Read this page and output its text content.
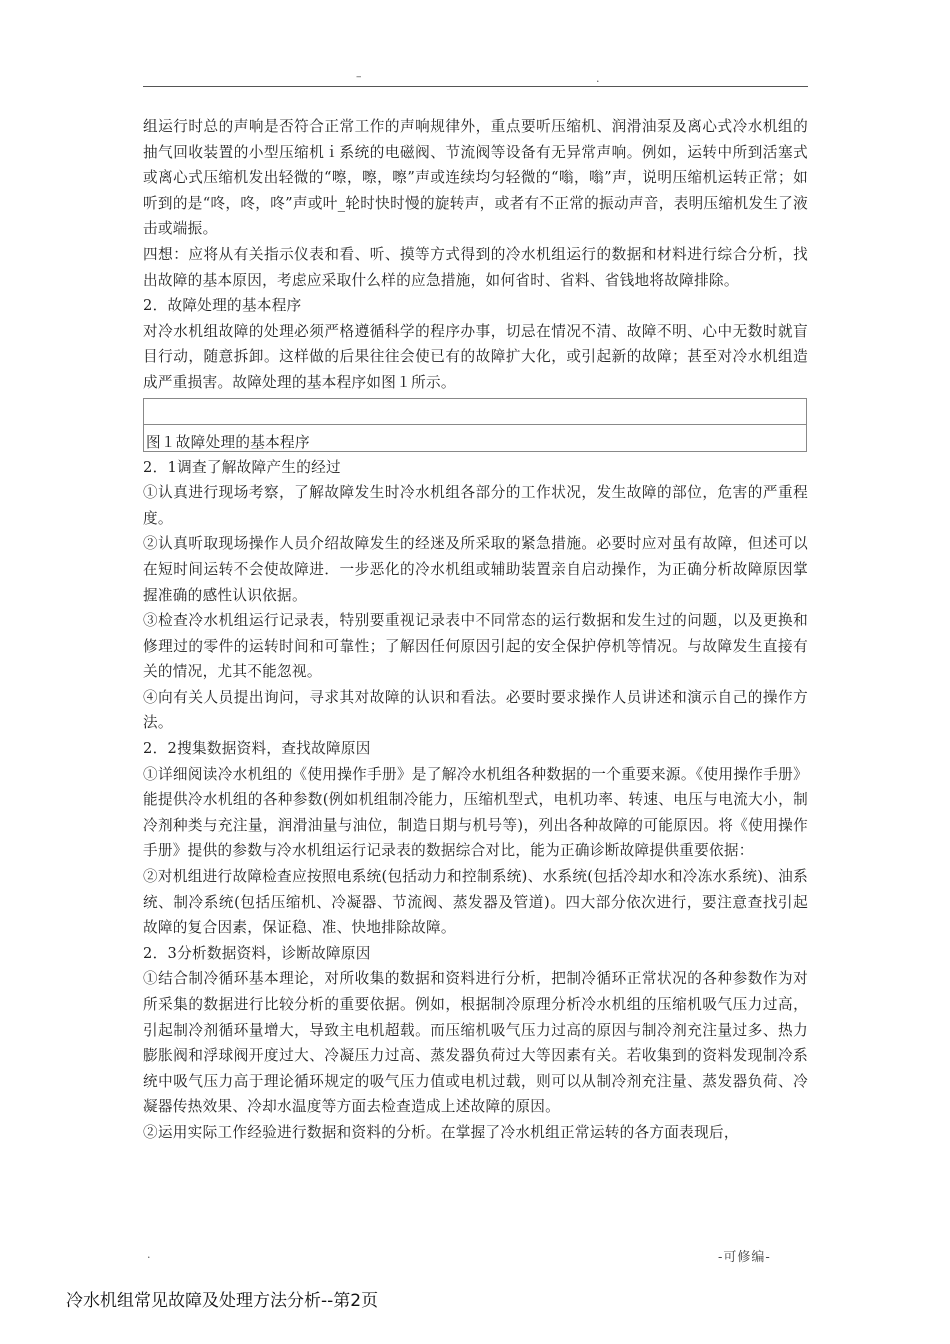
–	.

组运行时总的声响是否符合正常工作的声响规律外，重点要听压缩机、润滑油泵及离心式冷水机组的抽气回收装置的小型压缩机ｉ系统的电磁阀、节流阀等设备有无异常声响。例如，运转中所到活塞式或离心式压缩机发出轻微的“嚓，嚓，嚓”声或连续均匀轻微的“嗡，嗡”声，说明压缩机运转正常；如听到的是“咚，咚，咚”声或叶_轮时快时慢的旋转声，或者有不正常的振动声音，表明压缩机发生了液击或端振。

四想：应将从有关指示仪表和看、听、摸等方式得到的冷水机组运行的数据和材料进行综合分析，找出故障的基本原因，考虑应采取什么样的应急措施，如何省时、省料、省钱地将故障排除。

2．故障处理的基本程序

对冷水机组故障的处理必须严格遵循科学的程序办事，切忌在情况不清、故障不明、心中无数时就盲目行动，随意拆卸。这样做的后果往往会使已有的故障扩大化，或引起新的故障；甚至对冷水机组造成严重损害。故障处理的基本程序如图１所示。

图１故障处理的基本程序

2．1调查了解故障产生的经过

①认真进行现场考察，了解故障发生时冷水机组各部分的工作状况，发生故障的部位，危害的严重程度。

②认真听取现场操作人员介绍故障发生的经迷及所采取的紧急措施。必要时应对虽有故障，但述可以在短时间运转不会使故障进．一步恶化的冷水机组或辅助装置亲自启动操作，为正确分析故障原因掌握准确的感性认识依据。

③检查冷水机组运行记录表，特别要重视记录表中不同常态的运行数据和发生过的问题，以及更换和修理过的零件的运转时间和可靠性；了解因任何原因引起的安全保护停机等情况。与故障发生直接有关的情况，尤其不能忽视。

④向有关人员提出询问，寻求其对故障的认识和看法。必要时要求操作人员讲述和演示自己的操作方法。

2．2搜集数据资料，查找故障原因

①详细阅读冷水机组的《使用操作手册》是了解冷水机组各种数据的一个重要来源。《使用操作手册》能提供冷水机组的各种参数(例如机组制冷能力，压缩机型式，电机功率、转速、电压与电流大小，制冷剂种类与充注量，润滑油量与油位，制造日期与机号等)，列出各种故障的可能原因。将《使用操作手册》提供的参数与冷水机组运行记录表的数据综合对比，能为正确诊断故障提供重要依据：

②对机组进行故障检查应按照电系统(包括动力和控制系统)、水系统(包括冷却水和冷冻水系统)、油系统、制冷系统(包括压缩机、冷凝器、节流阀、蒸发器及管道)。四大部分依次进行，要注意查找引起故障的复合因素，保证稳、准、快地排除故障。

2．3分析数据资料，诊断故障原因

①结合制冷循环基本理论，对所收集的数据和资料进行分析，把制冷循环正常状况的各种参数作为对所采集的数据进行比较分析的重要依据。例如，根据制冷原理分析冷水机组的压缩机吸气压力过高，引起制冷剂循环量增大，导致主电机超载。而压缩机吸气压力过高的原因与制冷剂充注量过多、热力膨胀阀和浮球阀开度过大、冷凝压力过高、蒸发器负荷过大等因素有关。若收集到的资料发现制冷系统中吸气压力高于理论循环规定的吸气压力值或电机过载，则可以从制冷剂充注量、蒸发器负荷、冷凝器传热效果、冷却水温度等方面去检查造成上述故障的原因。

②运用实际工作经验进行数据和资料的分析。在掌握了冷水机组正常运转的各方面表现后，

.	-可修编-
冷水机组常见故障及处理方法分析--第2页
